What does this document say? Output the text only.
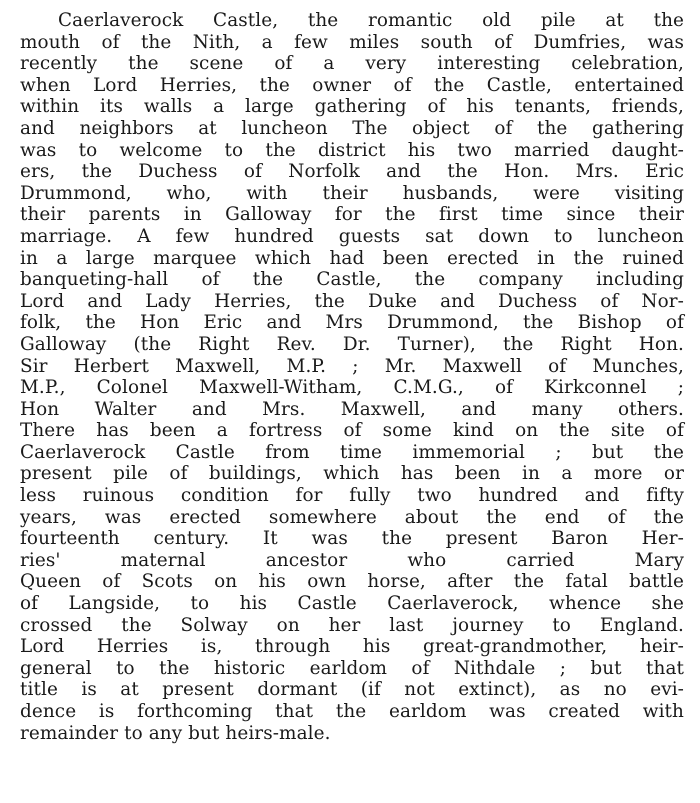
Caerlaverock Castle, the romantic old pile at the
mouth of the Nith, a few miles south of Dumfries, was
recently the scene of a very interesting celebration,
when Lord Herries, the owner of the Castle, entertained
within its walls a large gathering of his tenants, friends,
and neighbors at luncheon The object of the gathering
was to welcome to the district his two married daught-
ers, the Duchess of Norfolk and the Hon. Mrs. Eric
Drummond, who, with their husbands, were visiting
their parents in Galloway for the first time since their
marriage. A few hundred guests sat down to luncheon
in a large marquee which had been erected in the ruined
banqueting-hall of the Castle, the company including
Lord and Lady Herries, the Duke and Duchess of Nor-
folk, the Hon Eric and Mrs Drummond, the Bishop of
Galloway (the Right Rev. Dr. Turner), the Right Hon.
Sir Herbert Maxwell, M.P. ; Mr. Maxwell of Munches,
M.P., Colonel Maxwell-Witham, C.M.G., of Kirkconnel ;
Hon Walter and Mrs. Maxwell, and many others.
There has been a fortress of some kind on the site of
Caerlaverock Castle from time immemorial ; but the
present pile of buildings, which has been in a more or
less ruinous condition for fully two hundred and fifty
years, was erected somewhere about the end of the
fourteenth century. It was the present Baron Her-
ries' maternal ancestor who carried Mary
Queen of Scots on his own horse, after the fatal battle
of Langside, to his Castle Caerlaverock, whence she
crossed the Solway on her last journey to England.
Lord Herries is, through his great-grandmother, heir-
general to the historic earldom of Nithdale ; but that
title is at present dormant (if not extinct), as no evi-
dence is forthcoming that the earldom was created with
remainder to any but heirs-male.
